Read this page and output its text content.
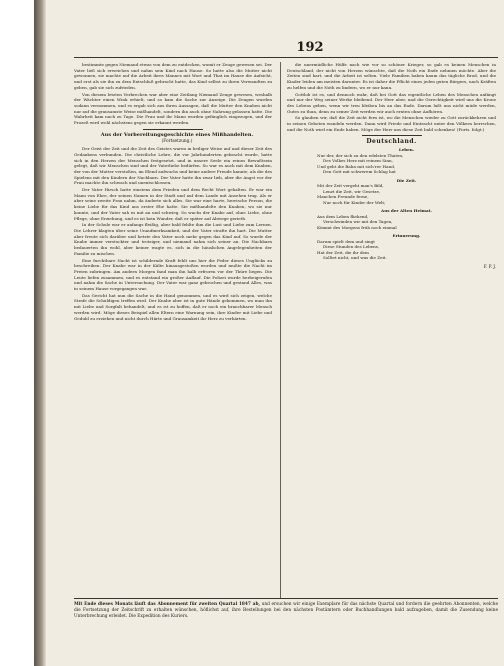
192

bestimmte gegen Niemand etwas von dem zu entdecken, womit er Zeuge gewesen sei. Der Vater ließ sich erweichen und nahm sein Kind nach Hause. So hatte also die Mutter nicht gewonnen, sie machte auf die Arbeit ihres Mannes mit Wort und That im Hause die Aufsicht, und erst als sie ihn zu dem Entschluß gebracht hatte, das Kind selbst zu ihren Verwandten zu geben, gab sie sich zufrieden.

Von diesem letzten Verbrechen war aber eine Zeitlang Niemand Zeuge gewesen, weshalb der Wächter einen Wink erhielt, und so kam die Sache zur Anzeige. Die Zeugen wurden sodann vernommen, und es ergab sich aus ihren Aussagen, daß die Mutter den Knaben nicht nur auf die grausamste Weise mißhandelt, sondern ihn auch ohne Nahrung gelassen hatte. Die Wahrheit kam nach zu Tage. Die Frau und ihr Mann wurden gefänglich eingezogen, und der Prozeß wird wohl nächstens gegen sie erkannt werden.

Aus der Vorbereitungsgeschichte eines Mißhandelten.

(Fortsetzung.)

Der Geist der Zeit und die Zeit des Geistes waren in heiliger Weise auf und dieser Zeit des Gedankens verbunden. Die christliche Lehre, die vor Jahrhunderten gebracht wurde, hatte sich in den Herzen der Menschen festgesetzt, und in unsere Seele ein reines Bewußtsein gelegt, daß wir Menschen sind und der Vaterliebe bedürfen. So war es auch mit dem Knaben, der von der Mutter verstoßen, im Elend aufwuchs und keine andere Freude kannte, als die des Spielens mit den Kindern der Nachbarn. Der Vater hatte ihn zwar lieb, aber die Angst vor der Frau machte ihn schwach und unentschlossen.

Der Vater Hirsch hatte einstens dem Frieden und dem Recht Wort gehalten. Er war ein Mann von Ehre, der seinen Namen in der Stadt und auf dem Lande mit Ansehen trug. Als er aber seine zweite Frau nahm, da änderte sich alles. Sie war eine harte, herrische Person, die keine Liebe für das Kind aus erster Ehe hatte. Sie mißhandelte den Knaben, wo sie nur konnte, und der Vater sah es mit an und schwieg. So wuchs der Knabe auf, ohne Liebe, ohne Pflege, ohne Erziehung, und es ist kein Wunder, daß er später auf Abwege gerieth.

In der Schule war er anfangs fleißig, aber bald fehlte ihm die Lust und Liebe zum Lernen. Die Lehrer klagten über seine Unaufmerksamkeit, und der Vater strafte ihn hart. Die Mutter aber freute sich darüber und hetzte den Vater noch mehr gegen das Kind auf. So wurde der Knabe immer verstockter und trotziger, und niemand nahm sich seiner an. Die Nachbarn bedauerten ihn wohl, aber keiner wagte es, sich in die häuslichen Angelegenheiten der Familie zu mischen.

Eine furchtbare Nacht ist schildernde Kraft fehlt uns hier die Feder dieses Unglücks zu beschreiben. Der Knabe war in der Kälte hinausgestoßen worden und mußte die Nacht im Freien zubringen. Am andern Morgen fand man ihn halb erfroren vor der Thüre liegen. Die Leute liefen zusammen, und es entstand ein großer Auflauf. Die Polizei wurde herbeigerufen und nahm die Sache in Untersuchung. Der Vater war ganz gebrochen und gestand Alles, was in seinem Hause vorgegangen war.

Das Gericht hat nun die Sache in die Hand genommen, und es wird sich zeigen, welche Strafe die Schuldigen treffen wird. Der Knabe aber ist in gute Hände gekommen, wo man ihn mit Liebe und Sorgfalt behandelt, und es ist zu hoffen, daß er noch ein brauchbarer Mensch werden wird. Möge dieses Beispiel allen Eltern eine Warnung sein, ihre Kinder mit Liebe und Geduld zu erziehen und nicht durch Härte und Grausamkeit ihr Herz zu verhärten.

die unermüdliche Hülfe nach wie vor so schöner Krieger, so gab es keinen Menschen in Deutschland, der nicht von Herzen wünschte, daß die Noth ein Ende nehmen möchte. Aber die Zeiten sind hart, und die Arbeit ist selten. Viele Familien haben kaum das tägliche Brod, und die Kinder leiden am meisten darunter. Es ist daher die Pflicht eines jeden guten Bürgers, nach Kräften zu helfen und die Noth zu lindern, wo er nur kann.

Gottlob ist es, und dennoch wahr, daß bei Gott das eigentliche Leben des Menschen anfängt und nur der Weg seiner Werke bleibend. Der Herr aber, und die Gerechtigkeit wird uns die Krone des Lebens geben, wenn wir treu bleiben bis an das Ende. Darum laßt uns nicht müde werden, Gutes zu thun, denn zu seiner Zeit werden wir auch ernten ohne Aufhören.

So glauben wir, daß die Zeit nicht fern ist, wo die Menschen wieder zu Gott zurückkehren und in seinen Geboten wandeln werden. Dann wird Friede und Eintracht unter den Völkern herrschen, und die Noth wird ein Ende haben. Möge der Herr uns diese Zeit bald schenken! (Forts. folgt.)

Deutschland.
Leben.
Nur der, der sich zu den edelsten Thaten,
Des Volkes Herz mit reinem Sinn,
Und geht die Bahn mit sich'rer Hand,
Den Gott mit schwerem Schlag hat
Die Zeit.
Mit der Zeit vergeht man's Bild,
Lenzt die Zeit, wir Gesetze,
Manchen Freunde ferne,
Nur noch für Kinder der Welt;
Aus der Alten Heimat.
Aus dem Leben fliehend,
Verschwinden wir mit den Tagen,
Kömmt des Morgens früh noch einmal
Erinnerung.
Darum spielt dem und singt
Diese Stunden des Lebens,
Hat der Zeit, die ihr dem
Solltet nicht, und was die Zeit.
F. P. J.
Mit Ende dieses Monats läuft das Abonnement für zweiten Quartal 1847 ab, und ersuchen wir einige Exemplare für das nächste Quartal und fordern die geehrten Abonnenten, welche die Fortsetzung der Zeitschrift zu erhalten wünschen, höflichst auf, ihre Bestellungen bei den nächsten Postämtern oder Buchhandlungen bald aufzugeben, damit die Zusendung keine Unterbrechung erleidet. Die Expedition des Kuriers.
